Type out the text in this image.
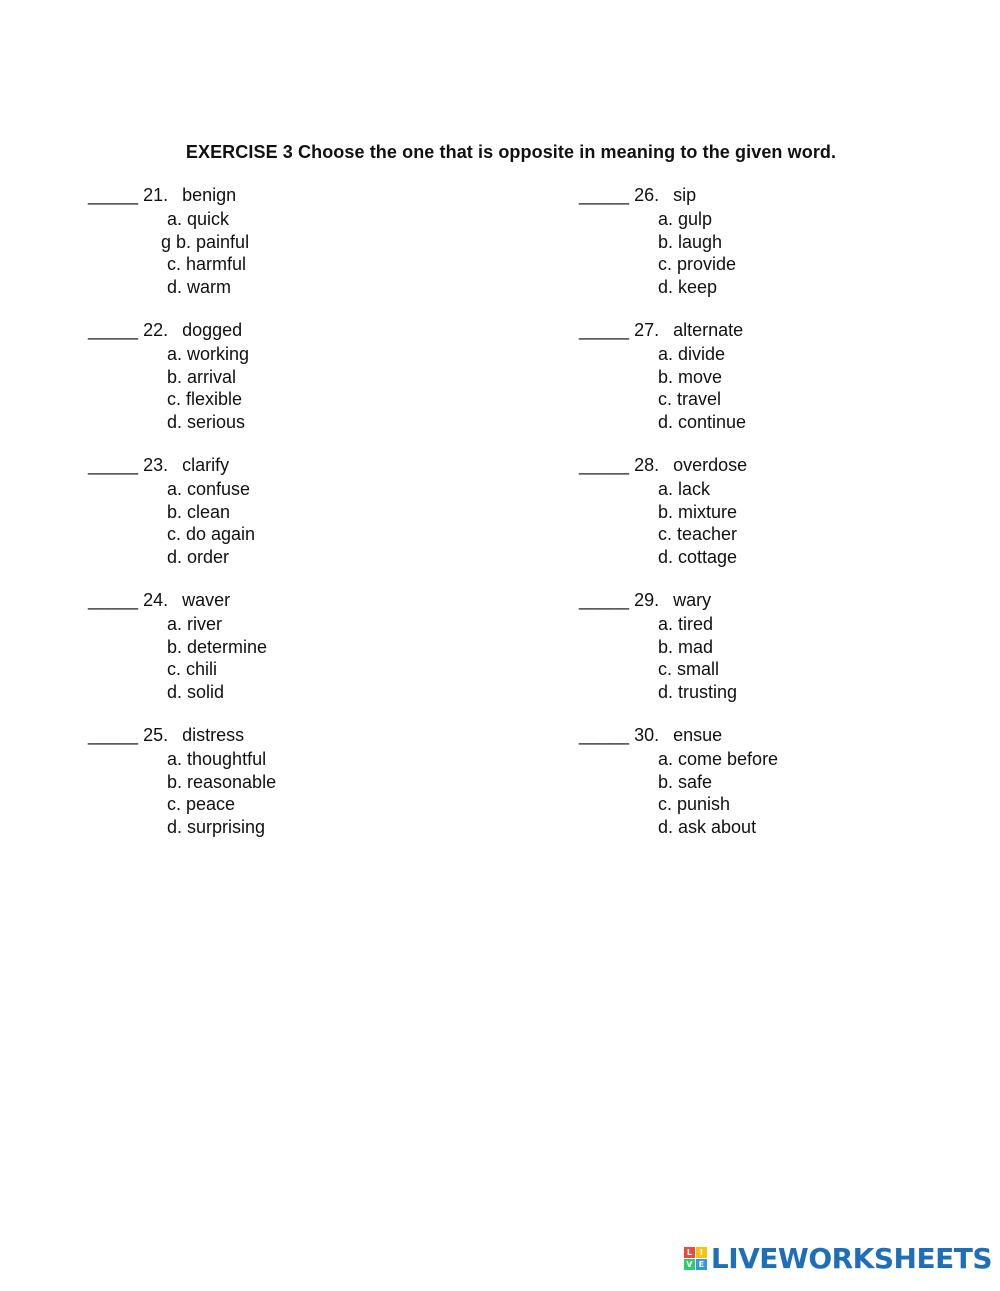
EXERCISE 3 Choose the one that is opposite in meaning to the given word.
_____ 21. benign
a. quick
g b. painful
c. harmful
d. warm
_____ 22. dogged
a. working
b. arrival
c. flexible
d. serious
_____ 23. clarify
a. confuse
b. clean
c. do again
d. order
_____ 24. waver
a. river
b. determine
c. chili
d. solid
_____ 25. distress
a. thoughtful
b. reasonable
c. peace
d. surprising
_____ 26. sip
a. gulp
b. laugh
c. provide
d. keep
_____ 27. alternate
a. divide
b. move
c. travel
d. continue
_____ 28. overdose
a. lack
b. mixture
c. teacher
d. cottage
_____ 29. wary
a. tired
b. mad
c. small
d. trusting
_____ 30. ensue
a. come before
b. safe
c. punish
d. ask about
L I
V E LIVEWORKSHEETS
